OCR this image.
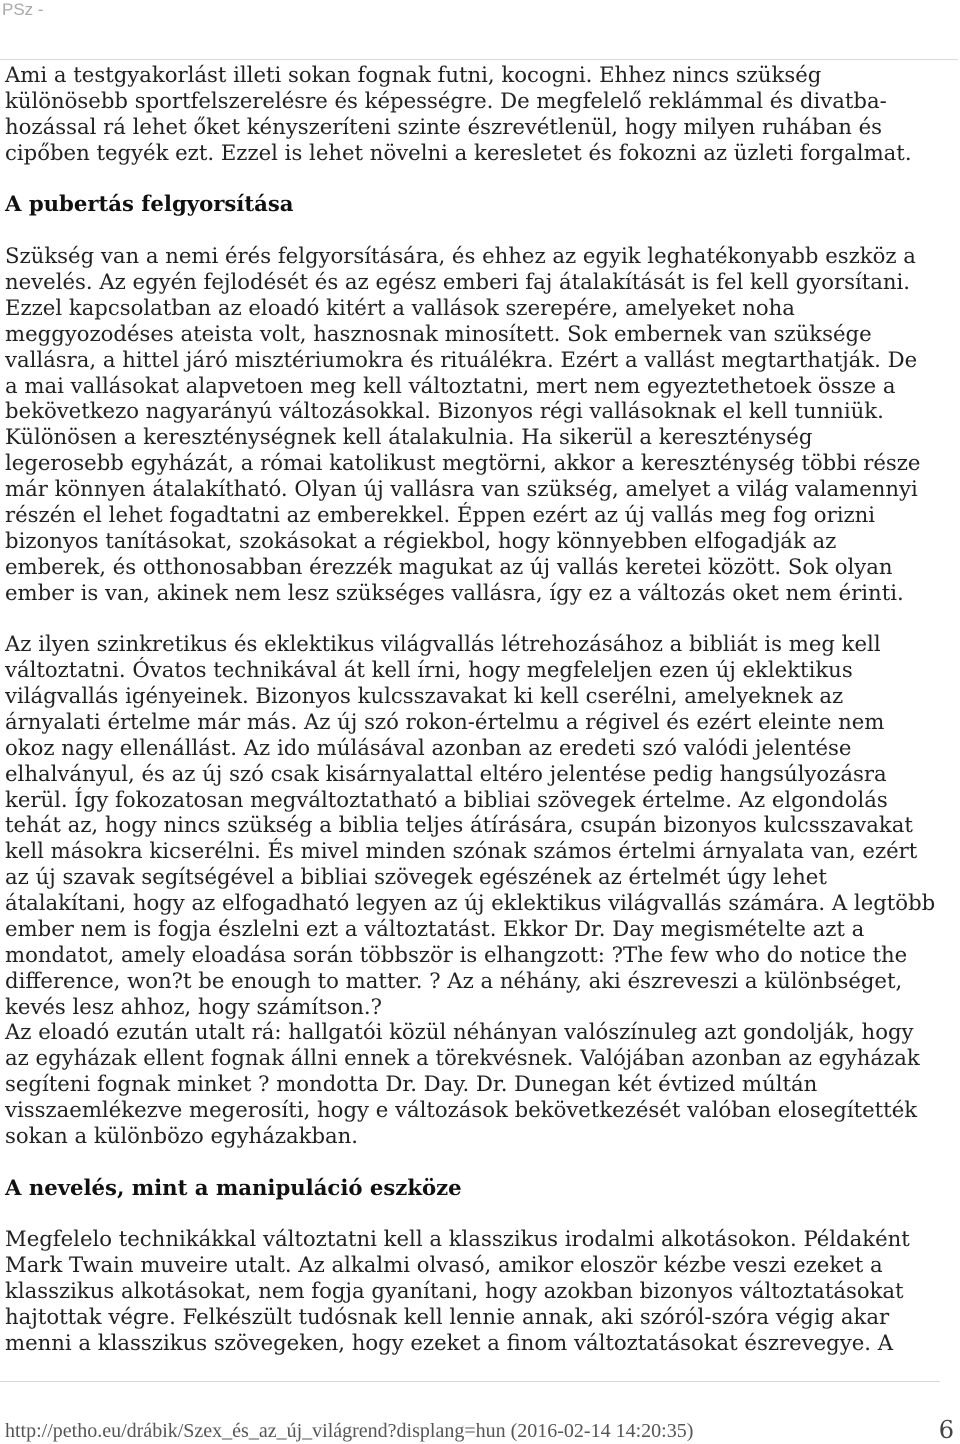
PSz -
Ami a testgyakorlást illeti sokan fognak futni, kocogni. Ehhez nincs szükség
különösebb sportfelszerelésre és képességre. De megfelelő reklámmal és divatba-
hozással rá lehet őket kényszeríteni szinte észrevétlenül, hogy milyen ruhában és
cipőben tegyék ezt. Ezzel is lehet növelni a keresletet és fokozni az üzleti forgalmat.
A pubertás felgyorsítása
Szükség van a nemi érés felgyorsítására, és ehhez az egyik leghatékonyabb eszköz a
nevelés. Az egyén fejlodését és az egész emberi faj átalakítását is fel kell gyorsítani.
Ezzel kapcsolatban az eloadó kitért a vallások szerepére, amelyeket noha
meggyozodéses ateista volt, hasznosnak minosített. Sok embernek van szüksége
vallásra, a hittel járó misztériumokra és rituálékra. Ezért a vallást megtarthatják. De
a mai vallásokat alapvetoen meg kell változtatni, mert nem egyeztethetoek össze a
bekövetkezo nagyarányú változásokkal. Bizonyos régi vallásoknak el kell tunniük.
Különösen a kereszténységnek kell átalakulnia. Ha sikerül a kereszténység
legerosebb egyházát, a római katolikust megtörni, akkor a kereszténység többi része
már könnyen átalakítható. Olyan új vallásra van szükség, amelyet a világ valamennyi
részén el lehet fogadtatni az emberekkel. Éppen ezért az új vallás meg fog orizni
bizonyos tanításokat, szokásokat a régiekbol, hogy könnyebben elfogadják az
emberek, és otthonosabban érezzék magukat az új vallás keretei között. Sok olyan
ember is van, akinek nem lesz szükséges vallásra, így ez a változás oket nem érinti.
Az ilyen szinkretikus és eklektikus világvallás létrehozásához a bibliát is meg kell
változtatni. Óvatos technikával át kell írni, hogy megfeleljen ezen új eklektikus
világvallás igényeinek. Bizonyos kulcsszavakat ki kell cserélni, amelyeknek az
árnyalati értelme már más. Az új szó rokon-értelmu a régivel és ezért eleinte nem
okoz nagy ellenállást. Az ido múlásával azonban az eredeti szó valódi jelentése
elhalványul, és az új szó csak kisárnyalattal eltéro jelentése pedig hangsúlyozásra
kerül. Így fokozatosan megváltoztatható a bibliai szövegek értelme. Az elgondolás
tehát az, hogy nincs szükség a biblia teljes átírására, csupán bizonyos kulcsszavakat
kell másokra kicserélni. És mivel minden szónak számos értelmi árnyalata van, ezért
az új szavak segítségével a bibliai szövegek egészének az értelmét úgy lehet
átalakítani, hogy az elfogadható legyen az új eklektikus világvallás számára. A legtöbb
ember nem is fogja észlelni ezt a változtatást. Ekkor Dr. Day megismételte azt a
mondatot, amely eloadása során többször is elhangzott: ?The few who do notice the
difference, won?t be enough to matter. ? Az a néhány, aki észreveszi a különbséget,
kevés lesz ahhoz, hogy számítson.?
Az eloadó ezután utalt rá: hallgatói közül néhányan valószínuleg azt gondolják, hogy
az egyházak ellent fognak állni ennek a törekvésnek. Valójában azonban az egyházak
segíteni fognak minket ? mondotta Dr. Day. Dr. Dunegan két évtized múltán
visszaemlékezve megerosíti, hogy e változások bekövetkezését valóban elosegítették
sokan a különbözo egyházakban.
A nevelés, mint a manipuláció eszköze
Megfelelo technikákkal változtatni kell a klasszikus irodalmi alkotásokon. Példaként
Mark Twain muveire utalt. Az alkalmi olvasó, amikor eloször kézbe veszi ezeket a
klasszikus alkotásokat, nem fogja gyanítani, hogy azokban bizonyos változtatásokat
hajtottak végre. Felkészült tudósnak kell lennie annak, aki szóról-szóra végig akar
menni a klasszikus szövegeken, hogy ezeket a finom változtatásokat észrevegye. A
http://petho.eu/drábik/Szex_és_az_új_világrend?displang=hun (2016-02-14 14:20:35)	6
